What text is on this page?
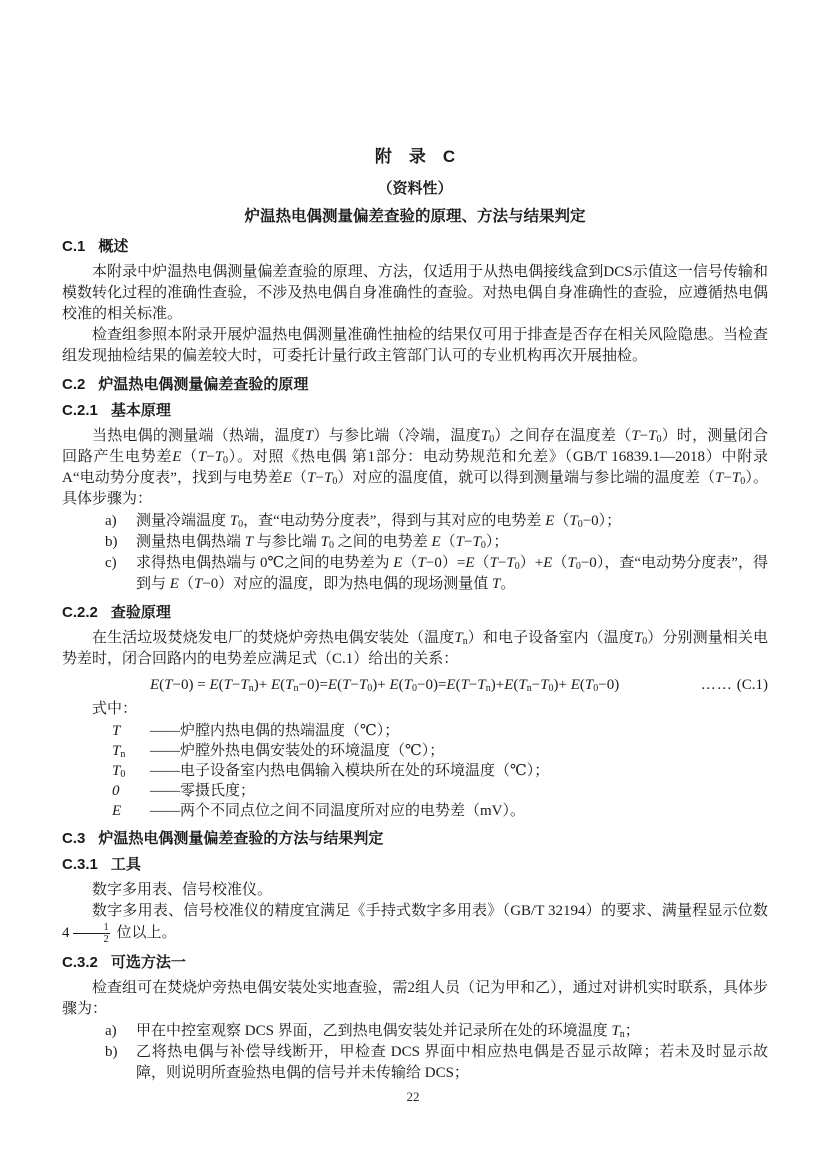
附　录　C
（资料性）
炉温热电偶测量偏差查验的原理、方法与结果判定
C.1 概述

本附录中炉温热电偶测量偏差查验的原理、方法，仅适用于从热电偶接线盒到DCS示值这一信号传输和模数转化过程的准确性查验，不涉及热电偶自身准确性的查验。对热电偶自身准确性的查验，应遵循热电偶校准的相关标准。

检查组参照本附录开展炉温热电偶测量准确性抽检的结果仅可用于排查是否存在相关风险隐患。当检查组发现抽检结果的偏差较大时，可委托计量行政主管部门认可的专业机构再次开展抽检。

C.2 炉温热电偶测量偏差查验的原理
C.2.1 基本原理

当热电偶的测量端（热端，温度T）与参比端（冷端，温度$T_0$）之间存在温度差$(T-T_0)$时，测量闭合回路产生电势差$E(T-T_0)$。对照《热电偶 第1部分：电动势规范和允差》（GB/T 16839.1—2018）中附录A“电动势分度表”，找到与电势差$E(T-T_0)$对应的温度值，就可以得到测量端与参比端的温度差$(T-T_0)$。具体步骤为：

a)	测量冷端温度 $T_0$，查“电动势分度表”，得到与其对应的电势差 $E(T_0-0)$；
b)	测量热电偶热端 T 与参比端 $T_0$ 之间的电势差 $E(T-T_0)$；
c)	求得热电偶热端与 0℃之间的电势差为 $E(T-0)=E(T-T_0)+E(T_0-0)$，查“电动势分度表”，得到与 E（T−0）对应的温度，即为热电偶的现场测量值 T。
C.2.2 查验原理

在生活垃圾焚烧发电厂的焚烧炉旁热电偶安装处（温度$T_n$）和电子设备室内（温度$T_0$）分别测量相关电势差时，闭合回路内的电势差应满足式（C.1）给出的关系：

$E(T-0) = E(T-T_n)+ E(T_n-0)=E(T-T_0)+ E(T_0-0)=E(T-T_n)+E(T_n-T_0)+ E(T_0-0)$	…… (C.1)
式中：
T	——炉膛内热电偶的热端温度（℃）；
$T_n$	——炉膛外热电偶安装处的环境温度（℃）；
$T_0$	——电子设备室内热电偶输入模块所在处的环境温度（℃）；
0	——零摄氏度；
E	——两个不同点位之间不同温度所对应的电势差（mV）。
C.3 炉温热电偶测量偏差查验的方法与结果判定
C.3.1 工具

数字多用表、信号校准仪。

数字多用表、信号校准仪的精度宜满足《手持式数字多用表》（GB/T 32194）的要求、满量程显示位数 $4 \frac{1}{2}$ 位以上。

C.3.2 可选方法一

检查组可在焚烧炉旁热电偶安装处实地查验，需2组人员（记为甲和乙），通过对讲机实时联系，具体步骤为：

a)	甲在中控室观察 DCS 界面，乙到热电偶安装处并记录所在处的环境温度 $T_n$；
b)	乙将热电偶与补偿导线断开，甲检查 DCS 界面中相应热电偶是否显示故障；若未及时显示故障，则说明所查验热电偶的信号并未传输给 DCS；
22
